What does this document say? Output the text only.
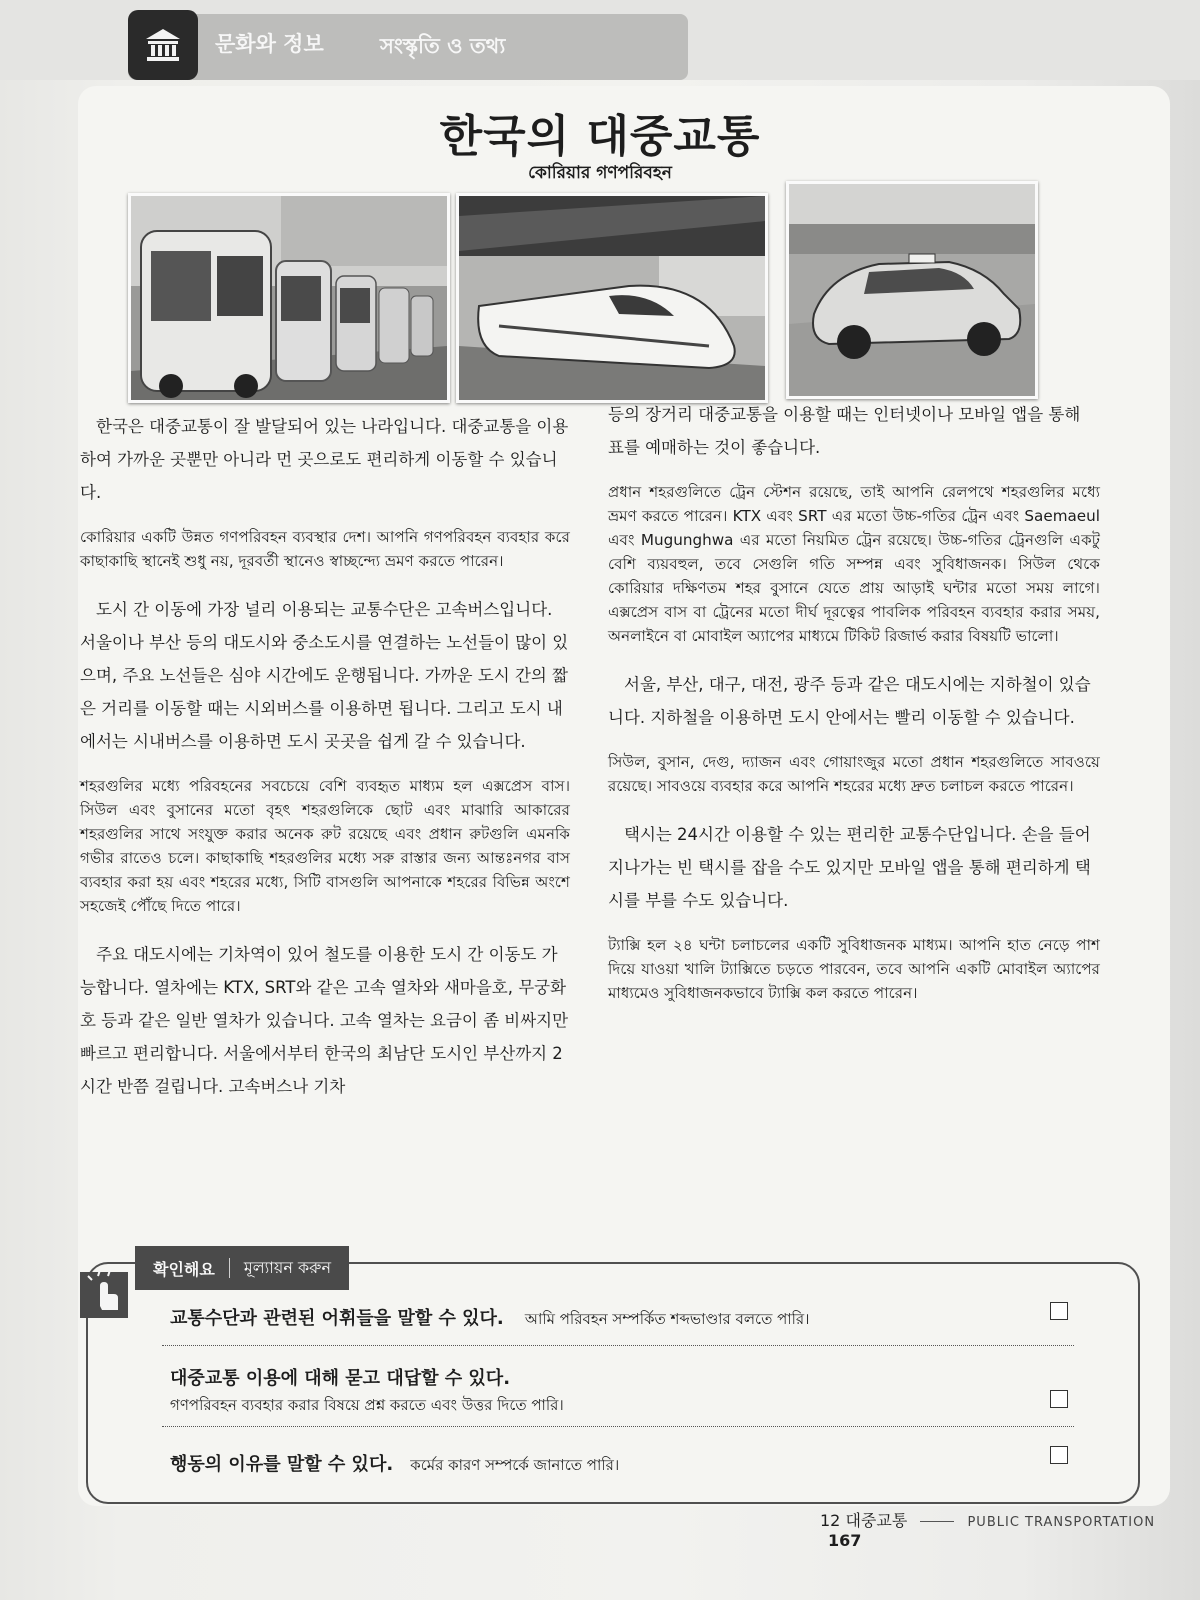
문화와 정보	সংস্কৃতি ও তথ্য
한국의 대중교통
কোরিয়ার গণপরিবহন

한국은 대중교통이 잘 발달되어 있는 나라입니다. 대중교통을 이용하여 가까운 곳뿐만 아니라 먼 곳으로도 편리하게 이동할 수 있습니다.

কোরিয়ার একটি উন্নত গণপরিবহন ব্যবস্থার দেশ। আপনি গণপরিবহন ব্যবহার করে কাছাকাছি স্থানেই শুধু নয়, দূরবর্তী স্থানেও স্বাচ্ছন্দ্যে ভ্রমণ করতে পারেন।

도시 간 이동에 가장 널리 이용되는 교통수단은 고속버스입니다. 서울이나 부산 등의 대도시와 중소도시를 연결하는 노선들이 많이 있으며, 주요 노선들은 심야 시간에도 운행됩니다. 가까운 도시 간의 짧은 거리를 이동할 때는 시외버스를 이용하면 됩니다. 그리고 도시 내에서는 시내버스를 이용하면 도시 곳곳을 쉽게 갈 수 있습니다.

শহরগুলির মধ্যে পরিবহনের সবচেয়ে বেশি ব্যবহৃত মাধ্যম হল এক্সপ্রেস বাস। সিউল এবং বুসানের মতো বৃহৎ শহরগুলিকে ছোট এবং মাঝারি আকারের শহরগুলির সাথে সংযুক্ত করার অনেক রুট রয়েছে এবং প্রধান রুটগুলি এমনকি গভীর রাতেও চলে। কাছাকাছি শহরগুলির মধ্যে সরু রাস্তার জন্য আন্তঃনগর বাস ব্যবহার করা হয় এবং শহরের মধ্যে, সিটি বাসগুলি আপনাকে শহরের বিভিন্ন অংশে সহজেই পৌঁছে দিতে পারে।

주요 대도시에는 기차역이 있어 철도를 이용한 도시 간 이동도 가능합니다. 열차에는 KTX, SRT와 같은 고속 열차와 새마을호, 무궁화호 등과 같은 일반 열차가 있습니다. 고속 열차는 요금이 좀 비싸지만 빠르고 편리합니다. 서울에서부터 한국의 최남단 도시인 부산까지 2시간 반쯤 걸립니다. 고속버스나 기차

등의 장거리 대중교통을 이용할 때는 인터넷이나 모바일 앱을 통해 표를 예매하는 것이 좋습니다.

প্রধান শহরগুলিতে ট্রেন স্টেশন রয়েছে, তাই আপনি রেলপথে শহরগুলির মধ্যে ভ্রমণ করতে পারেন। KTX এবং SRT এর মতো উচ্চ-গতির ট্রেন এবং Saemaeul এবং Mugunghwa এর মতো নিয়মিত ট্রেন রয়েছে। উচ্চ-গতির ট্রেনগুলি একটু বেশি ব্যয়বহুল, তবে সেগুলি গতি সম্পন্ন এবং সুবিধাজনক। সিউল থেকে কোরিয়ার দক্ষিণতম শহর বুসানে যেতে প্রায় আড়াই ঘন্টার মতো সময় লাগে। এক্সপ্রেস বাস বা ট্রেনের মতো দীর্ঘ দূরত্বের পাবলিক পরিবহন ব্যবহার করার সময়, অনলাইনে বা মোবাইল অ্যাপের মাধ্যমে টিকিট রিজার্ভ করার বিষয়টি ভালো।

서울, 부산, 대구, 대전, 광주 등과 같은 대도시에는 지하철이 있습니다. 지하철을 이용하면 도시 안에서는 빨리 이동할 수 있습니다.

সিউল, বুসান, দেগু, দ্যাজন এবং গোয়াংজুর মতো প্রধান শহরগুলিতে সাবওয়ে রয়েছে। সাবওয়ে ব্যবহার করে আপনি শহরের মধ্যে দ্রুত চলাচল করতে পারেন।

택시는 24시간 이용할 수 있는 편리한 교통수단입니다. 손을 들어 지나가는 빈 택시를 잡을 수도 있지만 모바일 앱을 통해 편리하게 택시를 부를 수도 있습니다.

ট্যাক্সি হল ২৪ ঘন্টা চলাচলের একটি সুবিধাজনক মাধ্যম। আপনি হাত নেড়ে পাশ দিয়ে যাওয়া খালি ট্যাক্সিতে চড়তে পারবেন, তবে আপনি একটি মোবাইল অ্যাপের মাধ্যমেও সুবিধাজনকভাবে ট্যাক্সি কল করতে পারেন।

확인해요 মূল্যায়ন করুন
교통수단과 관련된 어휘들을 말할 수 있다. আমি পরিবহন সম্পর্কিত শব্দভাণ্ডার বলতে পারি।
대중교통 이용에 대해 묻고 대답할 수 있다.
গণপরিবহন ব্যবহার করার বিষয়ে প্রশ্ন করতে এবং উত্তর দিতে পারি।
행동의 이유를 말할 수 있다. কর্মের কারণ সম্পর্কে জানাতে পারি।
12 대중교통	PUBLIC TRANSPORTATION 167
